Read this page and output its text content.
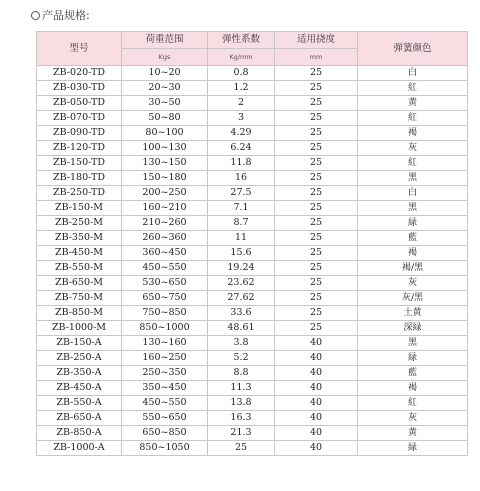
产品规格:
型号	荷重范围	弹性系数	适用挠度	弹簧颜色
	Kgs	Kg/mm	mm	
ZB-020-TD	10~20	0.8	25	白
ZB-030-TD	20~30	1.2	25	紅
ZB-050-TD	30~50	2	25	黄
ZB-070-TD	50~80	3	25	紅
ZB-090-TD	80~100	4.29	25	褐
ZB-120-TD	100~130	6.24	25	灰
ZB-150-TD	130~150	11.8	25	紅
ZB-180-TD	150~180	16	25	黑
ZB-250-TD	200~250	27.5	25	白
ZB-150-M	160~210	7.1	25	黑
ZB-250-M	210~260	8.7	25	緑
ZB-350-M	260~360	11	25	藍
ZB-450-M	360~450	15.6	25	褐
ZB-550-M	450~550	19.24	25	褐/黑
ZB-650-M	530~650	23.62	25	灰
ZB-750-M	650~750	27.62	25	灰/黑
ZB-850-M	750~850	33.6	25	土黄
ZB-1000-M	850~1000	48.61	25	深緑
ZB-150-A	130~160	3.8	40	黑
ZB-250-A	160~250	5.2	40	緑
ZB-350-A	250~350	8.8	40	藍
ZB-450-A	350~450	11.3	40	褐
ZB-550-A	450~550	13.8	40	紅
ZB-650-A	550~650	16.3	40	灰
ZB-850-A	650~850	21.3	40	黄
ZB-1000-A	850~1050	25	40	緑
